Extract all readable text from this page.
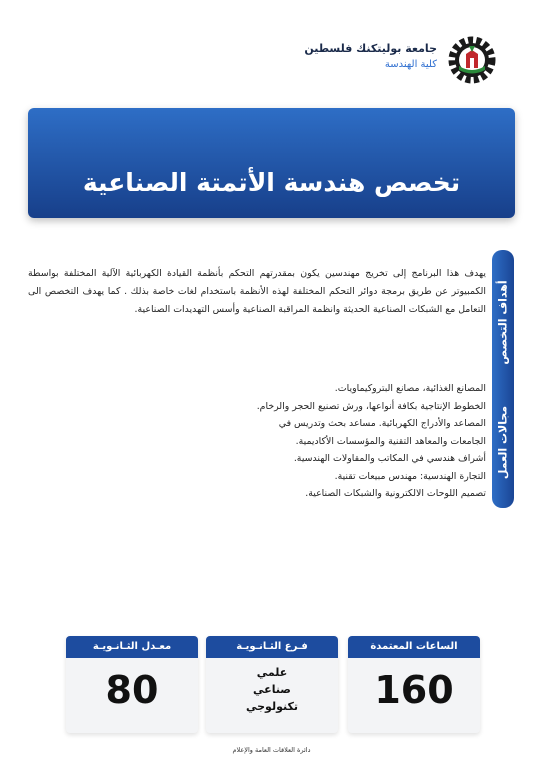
جامعة بوليتكنك فلسطين
كلية الهندسة
تخصص هندسة الأتمتة الصناعية
أهداف التخصص
مجالات العمل
يهدف هذا البرنامج إلى تخريج مهندسين يكون بمقدرتهم التحكم بأنظمة القيادة الكهربائية الآلية المختلفة بواسطة الكمبيوتر عن طريق برمجة دوائر التحكم المختلفة لهذه الأنظمة باستخدام لغات خاصة بذلك . كما يهدف التخصص الى التعامل مع الشبكات الصناعية الحديثة وانظمة المراقبة الصناعية وأسس التهديدات الصناعية.
المصانع الغذائية، مصانع البتروكيماويات.
الخطوط الإنتاجية بكافة أنواعها، ورش تصنيع الحجر والرخام.
المصاعد والأدراج الكهربائية. مساعد بحث وتدريس في
الجامعات والمعاهد التقنية والمؤسسات الأكاديمية.
أشراف هندسي في المكاتب والمقاولات الهندسية.
التجارة الهندسية: مهندس مبيعات تقنية.
تصميم اللوحات الالكترونية والشبكات الصناعية.
الساعات المعتمدة
160
فـرع الثـانـويـة
علمي
صناعي
تكنولوجي
معـدل الثـانـويـة
80
دائرة العلاقات العامة والإعلام
